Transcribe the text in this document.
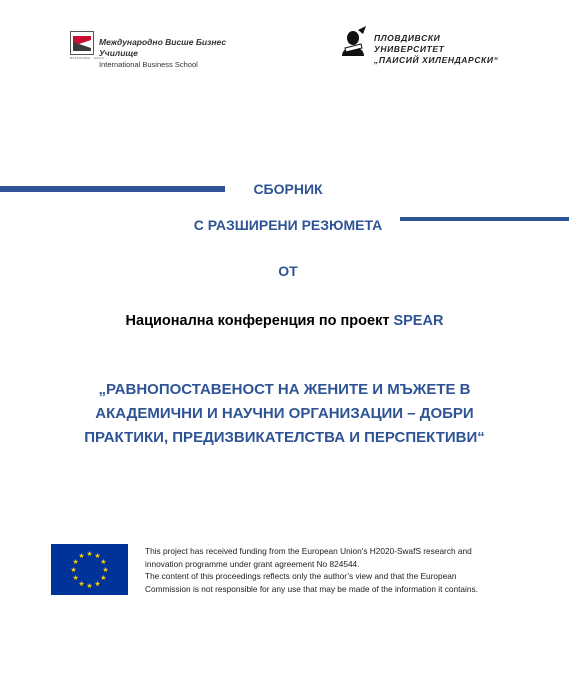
BOTEVGRAD · SOFIA
Международно Висше Бизнес Училище
International Business School
ПЛОВДИВСКИ УНИВЕРСИТЕТ
„ПАИСИЙ ХИЛЕНДАРСКИ“
СБОРНИК
С РАЗШИРЕНИ РЕЗЮМЕТА
ОТ
Национална конференция по проект SPEAR
„РАВНОПОСТАВЕНОСТ НА ЖЕНИТЕ И МЪЖЕТЕ В
АКАДЕМИЧНИ И НАУЧНИ ОРГАНИЗАЦИИ – ДОБРИ
ПРАКТИКИ, ПРЕДИЗВИКАТЕЛСТВА И ПЕРСПЕКТИВИ“
★ ★
★
★
★
★
★
★
★
★
★
★
This project has received funding from the European Union's H2020-SwafS research and
innovation programme under grant agreement No 824544.
The content of this proceedings reflects only the author’s view and that the European
Commission is not responsible for any use that may be made of the information it contains.
